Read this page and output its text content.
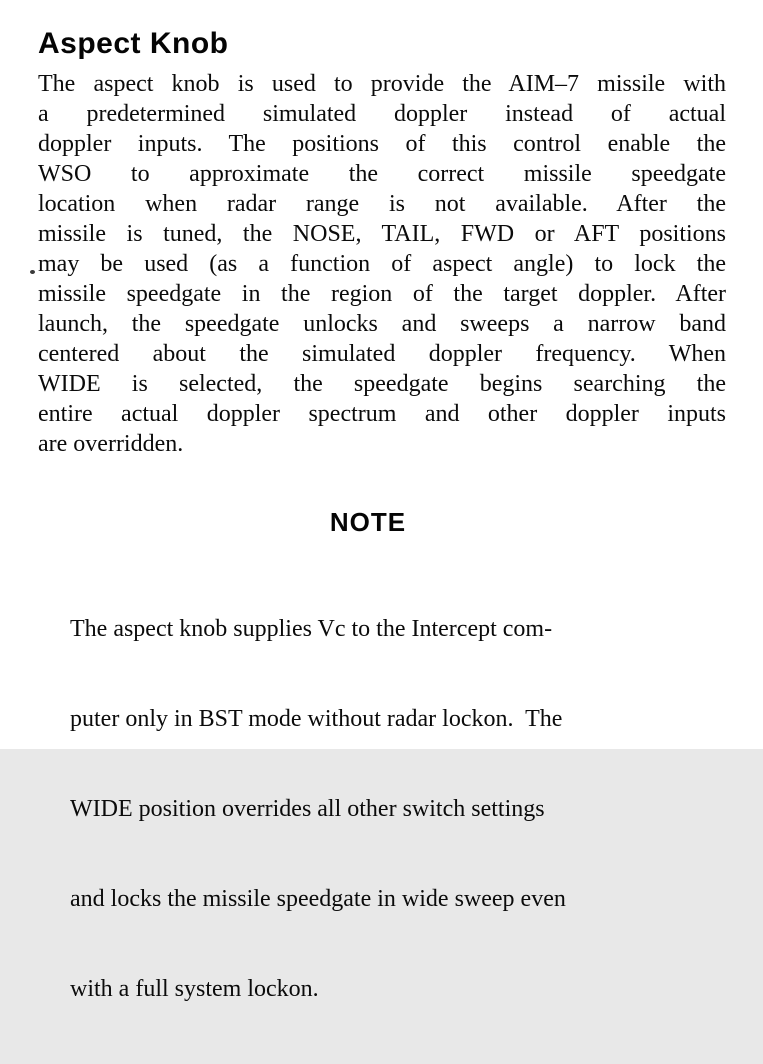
Aspect Knob
The aspect knob is used to provide the AIM–7 missile with
a predetermined simulated doppler instead of actual
doppler inputs. The positions of this control enable the
WSO to approximate the correct missile speedgate
location when radar range is not available. After the
missile is tuned, the NOSE, TAIL, FWD or AFT positions
may be used (as a function of aspect angle) to lock the
missile speedgate in the region of the target doppler. After
launch, the speedgate unlocks and sweeps a narrow band
centered about the simulated doppler frequency. When
WIDE is selected, the speedgate begins searching the
entire actual doppler spectrum and other doppler inputs
are overridden.
NOTE

The aspect knob supplies Vc to the Intercept com-

puter only in BST mode without radar lockon.  The

WIDE position overrides all other switch settings

and locks the missile speedgate in wide sweep even

with a full system lockon.
